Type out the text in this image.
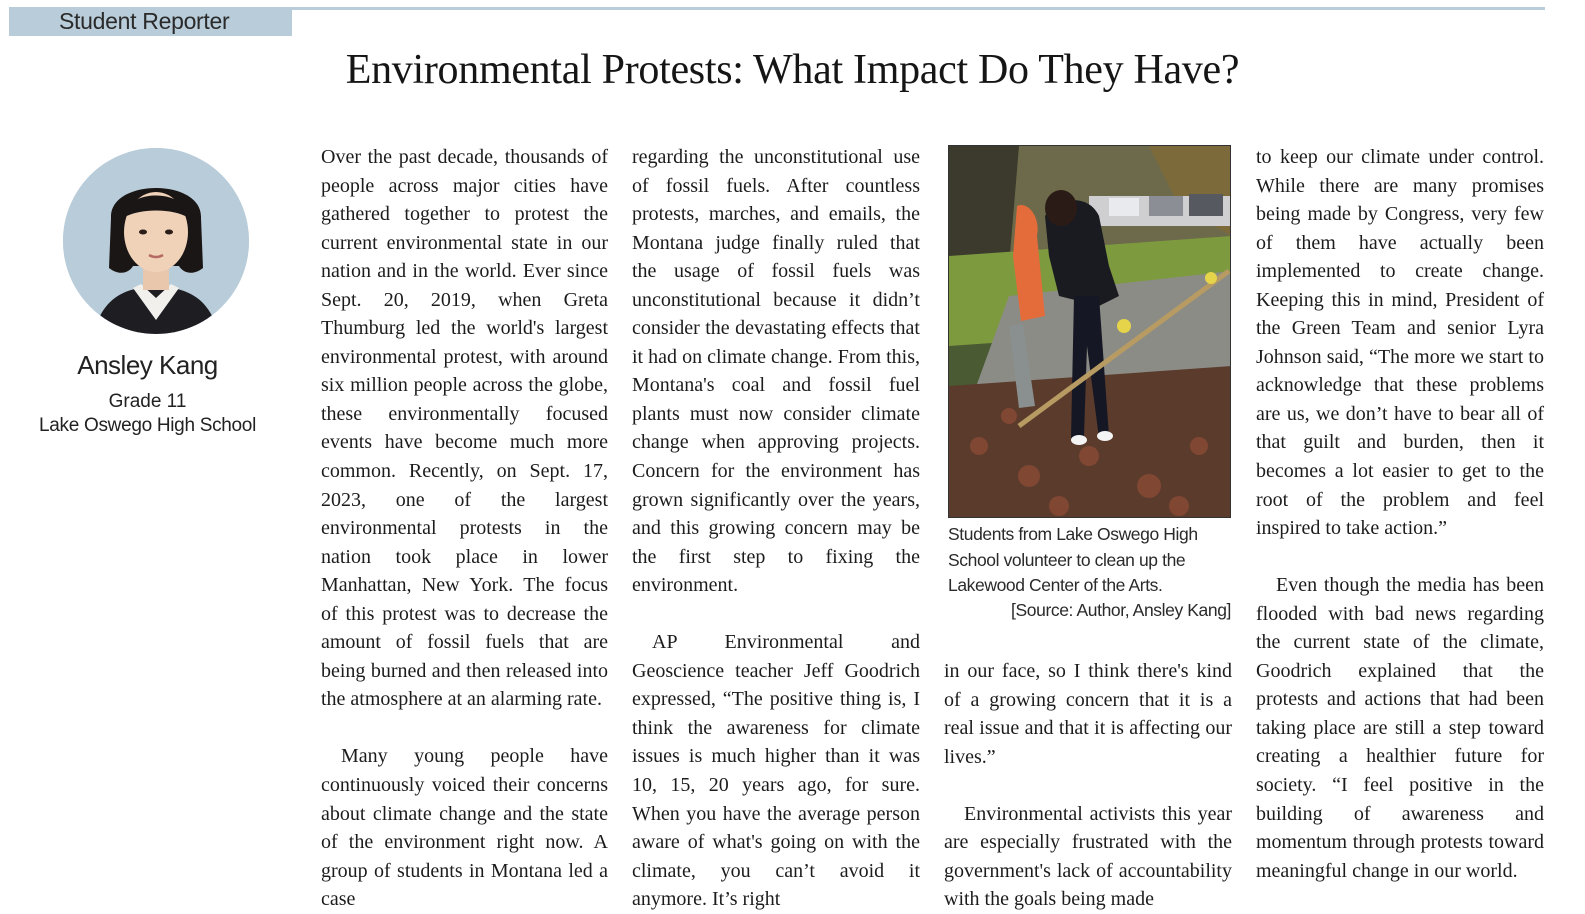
Student Reporter
Environmental Protests: What Impact Do They Have?
Ansley Kang
Grade 11
Lake Oswego High School

Over the past decade, thousands of people across major cities have gathered together to protest the current environmental state in our nation and in the world. Ever since Sept. 20, 2019, when Greta Thumburg led the world's largest environmental protest, with around six million people across the globe, these environmentally focused events have become much more common. Recently, on Sept. 17, 2023, one of the largest environmental protests in the nation took place in lower Manhattan, New York. The focus of this protest was to decrease the amount of fossil fuels that are being burned and then released into the atmosphere at an alarming rate.

Many young people have continuously voiced their concerns about climate change and the state of the environment right now. A group of students in Montana led a case

regarding the unconstitutional use of fossil fuels. After countless protests, marches, and emails, the Montana judge finally ruled that the usage of fossil fuels was unconstitutional because it didn’t consider the devastating effects that it had on climate change. From this, Montana's coal and fossil fuel plants must now consider climate change when approving projects. Concern for the environment has grown significantly over the years, and this growing concern may be the first step to fixing the environment.

AP Environmental and Geoscience teacher Jeff Goodrich expressed, “The positive thing is, I think the awareness for climate issues is much higher than it was 10, 15, 20 years ago, for sure. When you have the average person aware of what's going on with the climate, you can’t avoid it anymore. It’s right

Students from Lake Oswego High School volunteer to clean up the Lakewood Center of the Arts.
[Source: Author, Ansley Kang]

in our face, so I think there's kind of a growing concern that it is a real issue and that it is affecting our lives.”

Environmental activists this year are especially frustrated with the government's lack of accountability with the goals being made

to keep our climate under control. While there are many promises being made by Congress, very few of them have actually been implemented to create change. Keeping this in mind, President of the Green Team and senior Lyra Johnson said, “The more we start to acknowledge that these problems are us, we don’t have to bear all of that guilt and burden, then it becomes a lot easier to get to the root of the problem and feel inspired to take action.”

Even though the media has been flooded with bad news regarding the current state of the climate, Goodrich explained that the protests and actions that had been taking place are still a step toward creating a healthier future for society. “I feel positive in the building of awareness and momentum through protests toward meaningful change in our world.
